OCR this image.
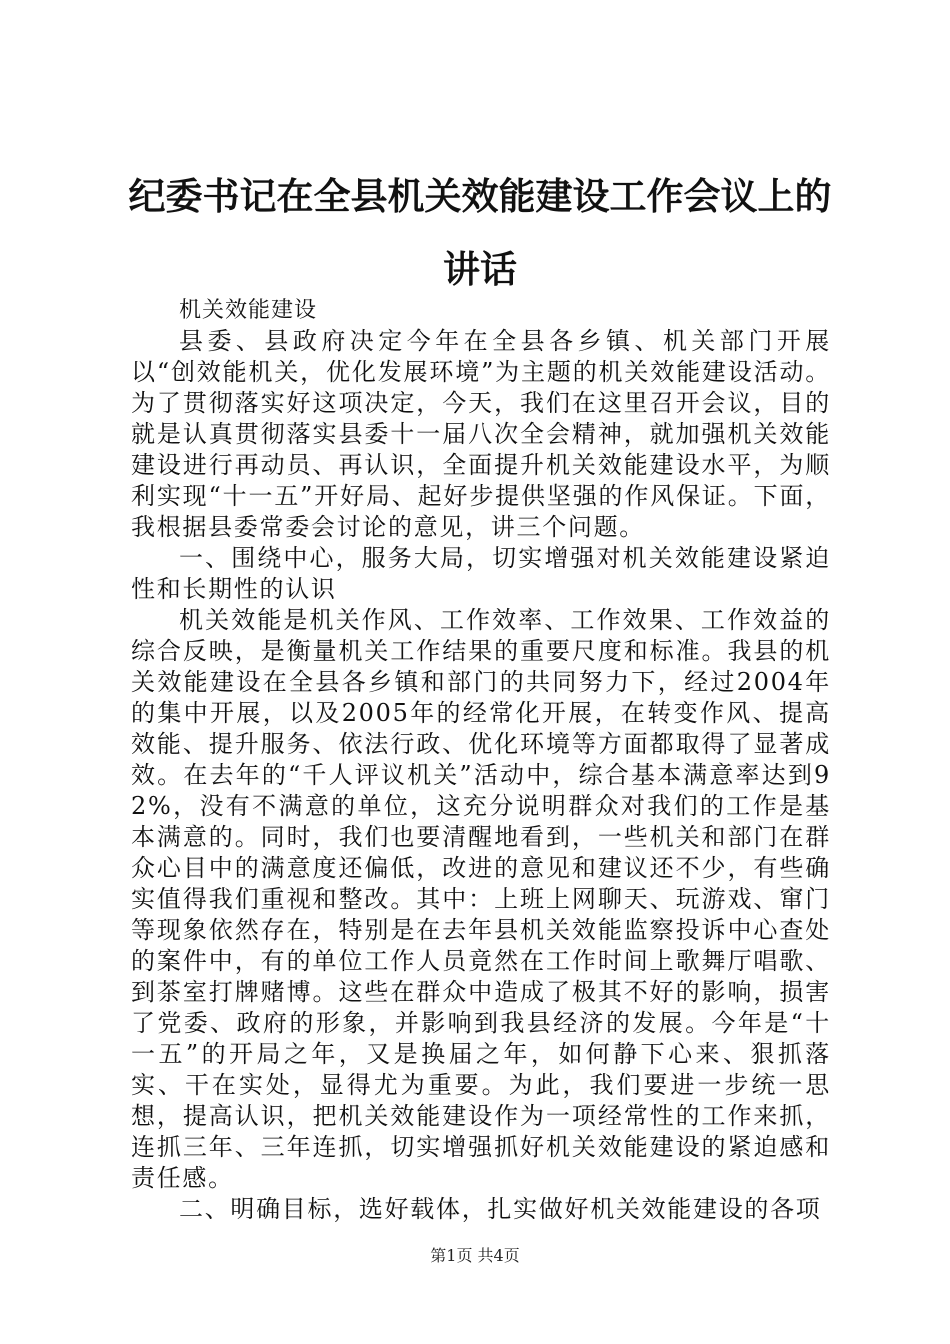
纪委书记在全县机关效能建设工作会议上的讲话

机关效能建设

县委、县政府决定今年在全县各乡镇、机关部门开展以“创效能机关，优化发展环境”为主题的机关效能建设活动。为了贯彻落实好这项决定，今天，我们在这里召开会议，目的就是认真贯彻落实县委十一届八次全会精神，就加强机关效能建设进行再动员、再认识，全面提升机关效能建设水平，为顺利实现“十一五”开好局、起好步提供坚强的作风保证。下面，我根据县委常委会讨论的意见，讲三个问题。

一、围绕中心，服务大局，切实增强对机关效能建设紧迫性和长期性的认识

机关效能是机关作风、工作效率、工作效果、工作效益的综合反映，是衡量机关工作结果的重要尺度和标准。我县的机关效能建设在全县各乡镇和部门的共同努力下，经过2004年的集中开展，以及2005年的经常化开展，在转变作风、提高效能、提升服务、依法行政、优化环境等方面都取得了显著成效。在去年的“千人评议机关”活动中，综合基本满意率达到92%，没有不满意的单位，这充分说明群众对我们的工作是基本满意的。同时，我们也要清醒地看到，一些机关和部门在群众心目中的满意度还偏低，改进的意见和建议还不少，有些确实值得我们重视和整改。其中：上班上网聊天、玩游戏、窜门等现象依然存在，特别是在去年县机关效能监察投诉中心查处的案件中，有的单位工作人员竟然在工作时间上歌舞厅唱歌、到茶室打牌赌博。这些在群众中造成了极其不好的影响，损害了党委、政府的形象，并影响到我县经济的发展。今年是“十一五”的开局之年，又是换届之年，如何静下心来、狠抓落实、干在实处，显得尤为重要。为此，我们要进一步统一思想，提高认识，把机关效能建设作为一项经常性的工作来抓，连抓三年、三年连抓，切实增强抓好机关效能建设的紧迫感和责任感。

二、明确目标，选好载体，扎实做好机关效能建设的各项

第1页 共4页
